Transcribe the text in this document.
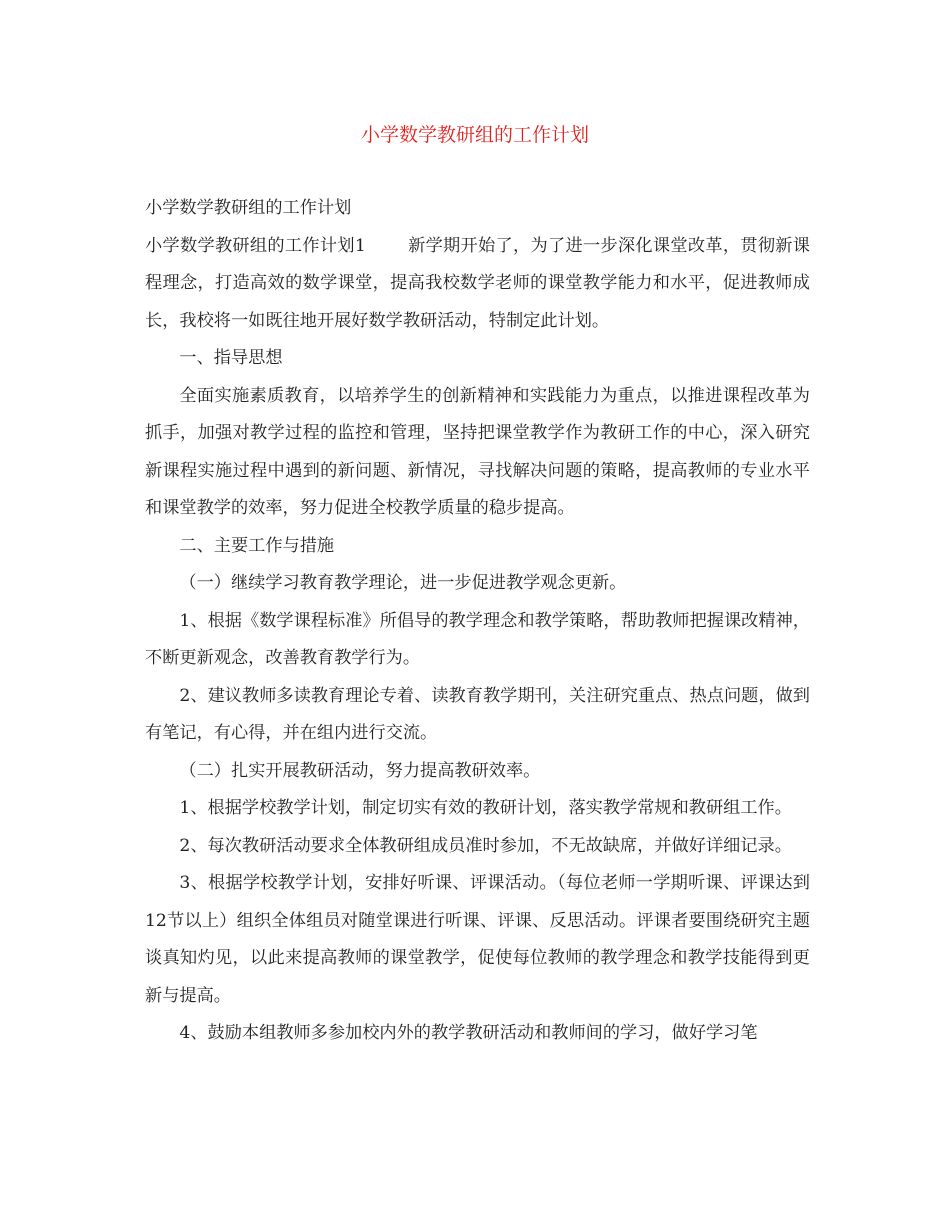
小学数学教研组的工作计划

小学数学教研组的工作计划

小学数学教研组的工作计划1 新学期开始了，为了进一步深化课堂改革，贯彻新课程理念，打造高效的数学课堂，提高我校数学老师的课堂教学能力和水平，促进教师成长，我校将一如既往地开展好数学教研活动，特制定此计划。

一、指导思想

全面实施素质教育，以培养学生的创新精神和实践能力为重点，以推进课程改革为抓手，加强对教学过程的监控和管理，坚持把课堂教学作为教研工作的中心，深入研究新课程实施过程中遇到的新问题、新情况，寻找解决问题的策略，提高教师的专业水平和课堂教学的效率，努力促进全校教学质量的稳步提高。

二、主要工作与措施

（一）继续学习教育教学理论，进一步促进教学观念更新。

1、根据《数学课程标准》所倡导的教学理念和教学策略，帮助教师把握课改精神，不断更新观念，改善教育教学行为。

2、建议教师多读教育理论专着、读教育教学期刊，关注研究重点、热点问题，做到有笔记，有心得，并在组内进行交流。

（二）扎实开展教研活动，努力提高教研效率。

1、根据学校教学计划，制定切实有效的教研计划，落实教学常规和教研组工作。

2、每次教研活动要求全体教研组成员准时参加，不无故缺席，并做好详细记录。

3、根据学校教学计划，安排好听课、评课活动。（每位老师一学期听课、评课达到12节以上）组织全体组员对随堂课进行听课、评课、反思活动。评课者要围绕研究主题谈真知灼见，以此来提高教师的课堂教学，促使每位教师的教学理念和教学技能得到更新与提高。

4、鼓励本组教师多参加校内外的教学教研活动和教师间的学习，做好学习笔
